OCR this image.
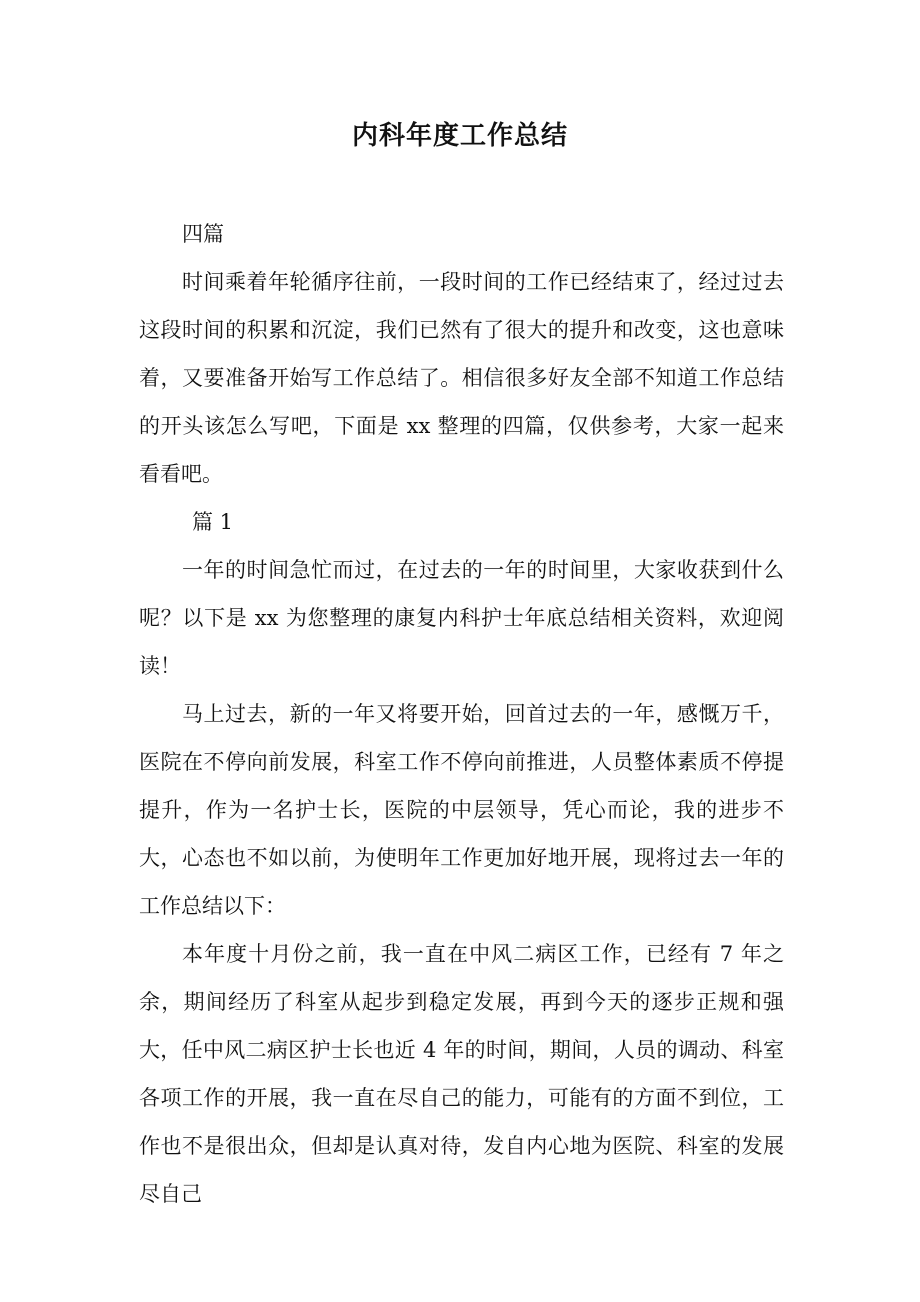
内科年度工作总结

四篇

时间乘着年轮循序往前，一段时间的工作已经结束了，经过过去这段时间的积累和沉淀，我们已然有了很大的提升和改变，这也意味着，又要准备开始写工作总结了。相信很多好友全部不知道工作总结的开头该怎么写吧，下面是 xx 整理的四篇，仅供参考，大家一起来看看吧。

篇 1

一年的时间急忙而过，在过去的一年的时间里，大家收获到什么呢？以下是 xx 为您整理的康复内科护士年底总结相关资料，欢迎阅读！

马上过去，新的一年又将要开始，回首过去的一年，感慨万千，医院在不停向前发展，科室工作不停向前推进，人员整体素质不停提提升，作为一名护士长，医院的中层领导，凭心而论，我的进步不大，心态也不如以前，为使明年工作更加好地开展，现将过去一年的工作总结以下：

本年度十月份之前，我一直在中风二病区工作，已经有 7 年之余，期间经历了科室从起步到稳定发展，再到今天的逐步正规和强大，任中风二病区护士长也近 4 年的时间，期间，人员的调动、科室各项工作的开展，我一直在尽自己的能力，可能有的方面不到位，工作也不是很出众，但却是认真对待，发自内心地为医院、科室的发展尽自己
